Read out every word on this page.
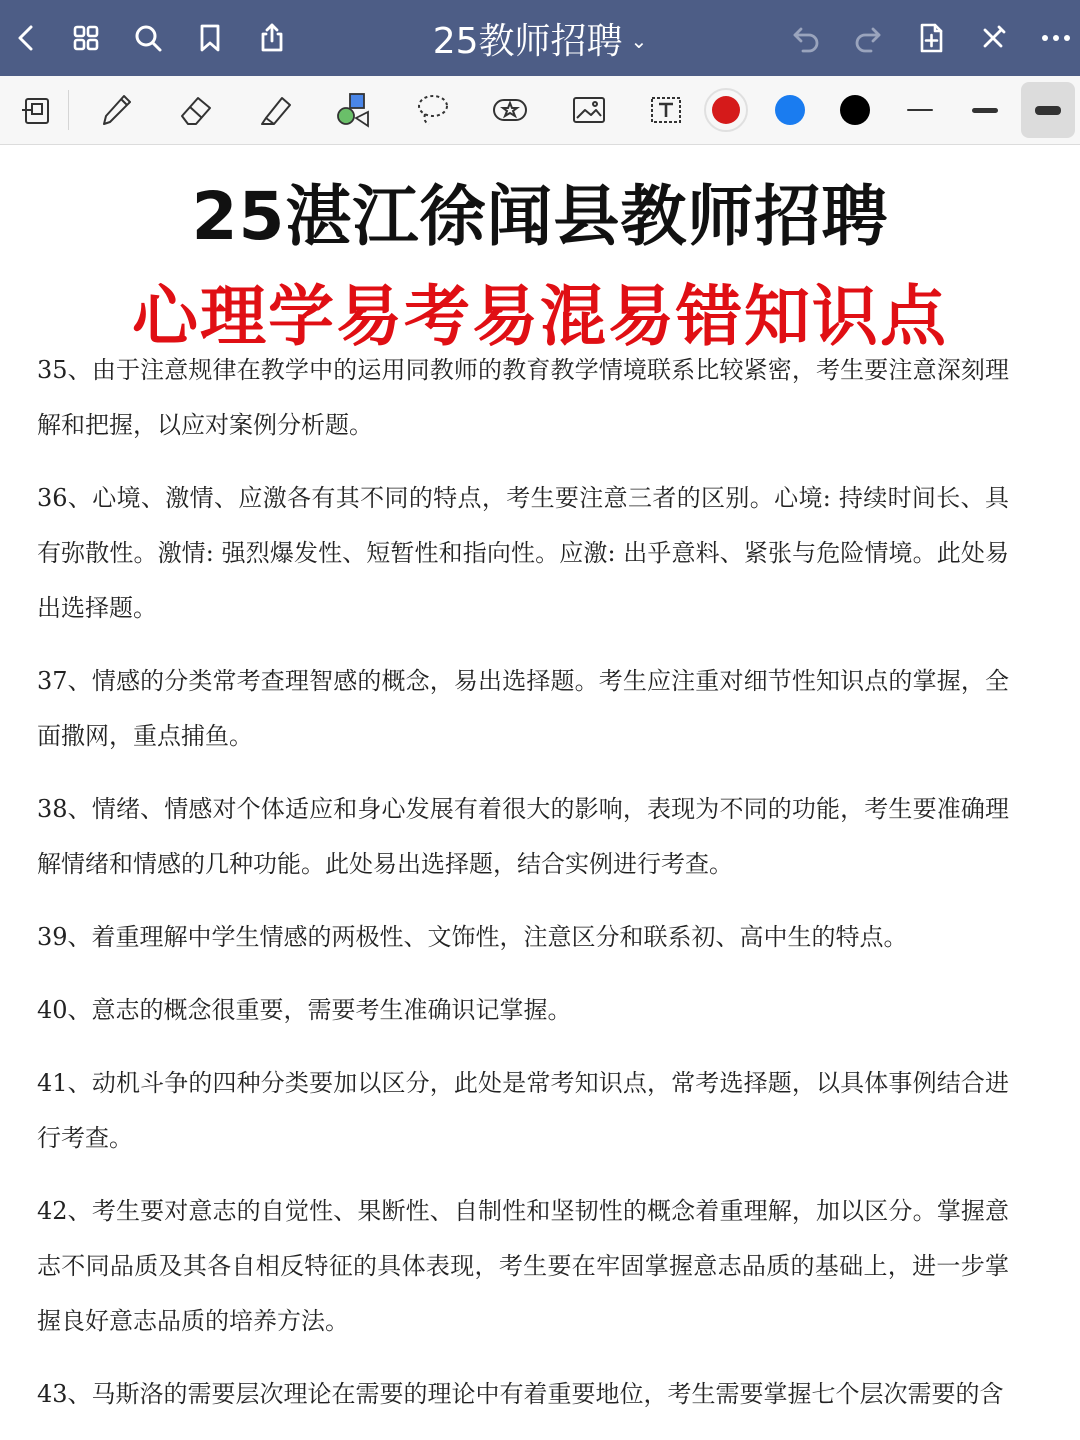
25教师招聘 ⌄
25湛江徐闻县教师招聘
心理学易考易混易错知识点

35、由于注意规律在教学中的运用同教师的教育教学情境联系比较紧密，考生要注意深刻理解和把握，以应对案例分析题。

36、心境、激情、应激各有其不同的特点，考生要注意三者的区别。心境: 持续时间长、具有弥散性。激情: 强烈爆发性、短暂性和指向性。应激: 出乎意料、紧张与危险情境。此处易出选择题。

37、情感的分类常考查理智感的概念，易出选择题。考生应注重对细节性知识点的掌握，全面撒网，重点捕鱼。

38、情绪、情感对个体适应和身心发展有着很大的影响，表现为不同的功能，考生要准确理解情绪和情感的几种功能。此处易出选择题，结合实例进行考查。

39、着重理解中学生情感的两极性、文饰性，注意区分和联系初、高中生的特点。

40、意志的概念很重要，需要考生准确识记掌握。

41、动机斗争的四种分类要加以区分，此处是常考知识点，常考选择题，以具体事例结合进行考查。

42、考生要对意志的自觉性、果断性、自制性和坚韧性的概念着重理解，加以区分。掌握意志不同品质及其各自相反特征的具体表现，考生要在牢固掌握意志品质的基础上，进一步掌握良好意志品质的培养方法。

43、马斯洛的需要层次理论在需要的理论中有着重要地位，考生需要掌握七个层次需要的含
